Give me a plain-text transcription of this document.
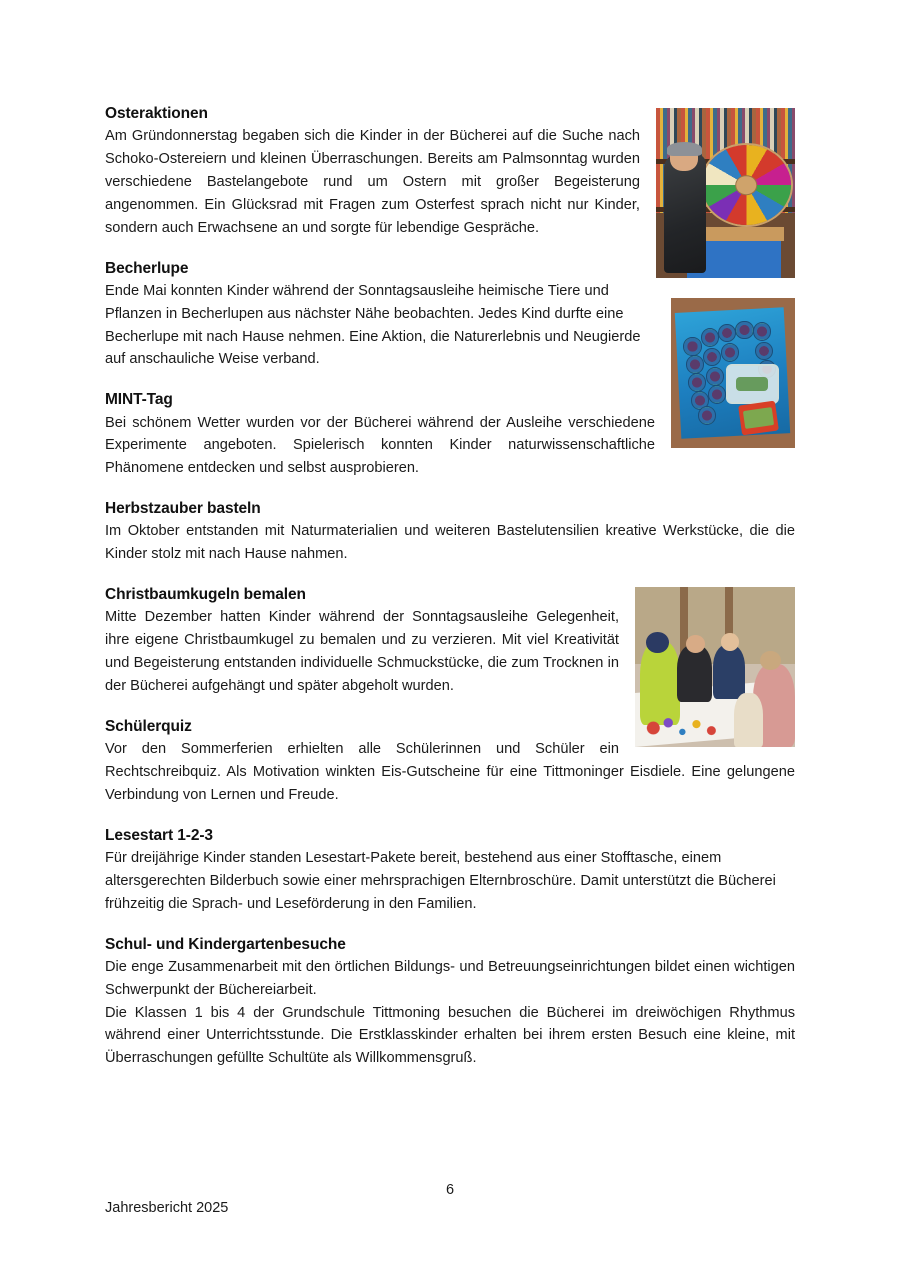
Osteraktionen

Am Gründonnerstag begaben sich die Kinder in der Bücherei auf die Suche nach Schoko-Ostereiern und kleinen Überraschungen. Bereits am Palmsonntag wurden verschiedene Bastelangebote rund um Ostern mit großer Begeisterung angenommen. Ein Glücksrad mit Fragen zum Osterfest sprach nicht nur Kinder, sondern auch Erwachsene an und sorgte für lebendige Gespräche.

Becherlupe

Ende Mai konnten Kinder während der Sonntagsausleihe heimische Tiere und Pflanzen in Becherlupen aus nächster Nähe beobachten. Jedes Kind durfte eine Becherlupe mit nach Hause nehmen. Eine Aktion, die Naturerlebnis und Neugierde auf anschauliche Weise verband.

MINT-Tag

Bei schönem Wetter wurden vor der Bücherei während der Ausleihe verschiedene Experimente angeboten. Spielerisch konnten Kinder naturwissenschaftliche Phänomene entdecken und selbst ausprobieren.

Herbstzauber basteln

Im Oktober entstanden mit Naturmaterialien und weiteren Bastelutensilien kreative Werkstücke, die die Kinder stolz mit nach Hause nahmen.

Christbaumkugeln bemalen

Mitte Dezember hatten Kinder während der Sonntagsausleihe Gelegenheit, ihre eigene Christbaumkugel zu bemalen und zu verzieren. Mit viel Kreativität und Begeisterung entstanden individuelle Schmuckstücke, die zum Trocknen in der Bücherei aufgehängt und später abgeholt wurden.

Schülerquiz

Vor den Sommerferien erhielten alle Schülerinnen und Schüler ein Rechtschreibquiz. Als Motivation winkten Eis-Gutscheine für eine Tittmoninger Eisdiele. Eine gelungene Verbindung von Lernen und Freude.

Lesestart 1-2-3

Für dreijährige Kinder standen Lesestart-Pakete bereit, bestehend aus einer Stofftasche, einem altersgerechten Bilderbuch sowie einer mehrsprachigen Elternbroschüre. Damit unterstützt die Bücherei frühzeitig die Sprach- und Leseförderung in den Familien.

Schul- und Kindergartenbesuche

Die enge Zusammenarbeit mit den örtlichen Bildungs- und Betreuungseinrichtungen bildet einen wichtigen Schwerpunkt der Büchereiarbeit.

Die Klassen 1 bis 4 der Grundschule Tittmoning besuchen die Bücherei im dreiwöchigen Rhythmus während einer Unterrichtsstunde. Die Erstklasskinder erhalten bei ihrem ersten Besuch eine kleine, mit Überraschungen gefüllte Schultüte als Willkommensgruß.

6
Jahresbericht 2025
